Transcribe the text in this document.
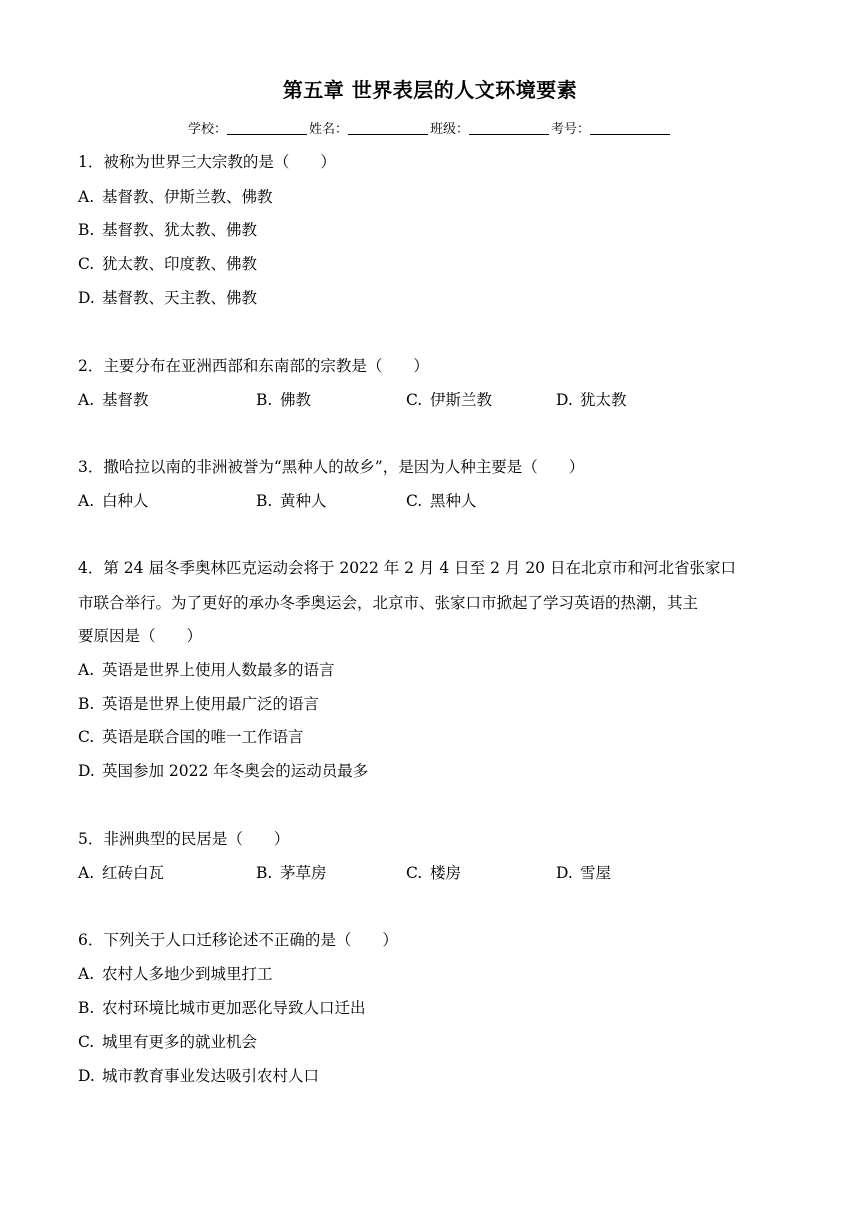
第五章 世界表层的人文环境要素
学校：	姓名：	班级：	考号：
1．被称为世界三大宗教的是（　　）
A. 基督教、伊斯兰教、佛教
B. 基督教、犹太教、佛教
C. 犹太教、印度教、佛教
D. 基督教、天主教、佛教
2．主要分布在亚洲西部和东南部的宗教是（　　）
A. 基督教	B. 佛教	C. 伊斯兰教	D. 犹太教
3．撒哈拉以南的非洲被誉为“黑种人的故乡”，是因为人种主要是（　　）
A. 白种人	B. 黄种人	C. 黑种人
4．第 24 届冬季奥林匹克运动会将于 2022 年 2 月 4 日至 2 月 20 日在北京市和河北省张家口
市联合举行。为了更好的承办冬季奥运会，北京市、张家口市掀起了学习英语的热潮，其主
要原因是（　　）
A. 英语是世界上使用人数最多的语言
B. 英语是世界上使用最广泛的语言
C. 英语是联合国的唯一工作语言
D. 英国参加 2022 年冬奥会的运动员最多
5．非洲典型的民居是（　　）
A. 红砖白瓦	B. 茅草房	C. 楼房	D. 雪屋
6．下列关于人口迁移论述不正确的是（　　）
A. 农村人多地少到城里打工
B. 农村环境比城市更加恶化导致人口迁出
C. 城里有更多的就业机会
D. 城市教育事业发达吸引农村人口
